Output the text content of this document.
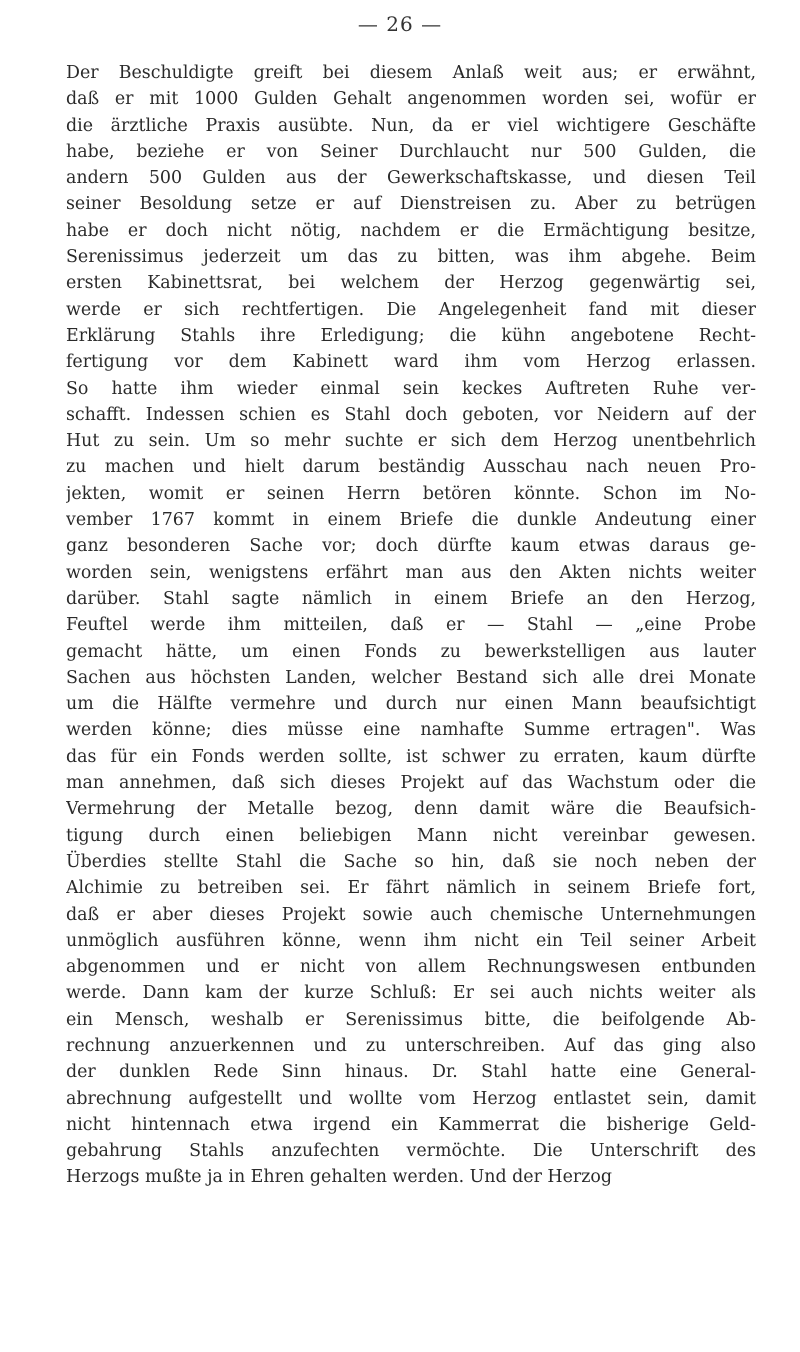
— 26 —
Der Beschuldigte greift bei diesem Anlaß weit aus; er erwähnt,
daß er mit 1000 Gulden Gehalt angenommen worden sei, wofür er
die ärztliche Praxis ausübte. Nun, da er viel wichtigere Geschäfte
habe, beziehe er von Seiner Durchlaucht nur 500 Gulden, die
andern 500 Gulden aus der Gewerkschaftskasse, und diesen Teil
seiner Besoldung setze er auf Dienstreisen zu. Aber zu betrügen
habe er doch nicht nötig, nachdem er die Ermächtigung besitze,
Serenissimus jederzeit um das zu bitten, was ihm abgehe. Beim
ersten Kabinettsrat, bei welchem der Herzog gegenwärtig sei,
werde er sich rechtfertigen. Die Angelegenheit fand mit dieser
Erklärung Stahls ihre Erledigung; die kühn angebotene Recht-
fertigung vor dem Kabinett ward ihm vom Herzog erlassen.
So hatte ihm wieder einmal sein keckes Auftreten Ruhe ver-
schafft. Indessen schien es Stahl doch geboten, vor Neidern auf der
Hut zu sein. Um so mehr suchte er sich dem Herzog unentbehrlich
zu machen und hielt darum beständig Ausschau nach neuen Pro-
jekten, womit er seinen Herrn betören könnte. Schon im No-
vember 1767 kommt in einem Briefe die dunkle Andeutung einer
ganz besonderen Sache vor; doch dürfte kaum etwas daraus ge-
worden sein, wenigstens erfährt man aus den Akten nichts weiter
darüber. Stahl sagte nämlich in einem Briefe an den Herzog,
Feuftel werde ihm mitteilen, daß er — Stahl — „eine Probe
gemacht hätte, um einen Fonds zu bewerkstelligen aus lauter
Sachen aus höchsten Landen, welcher Bestand sich alle drei Monate
um die Hälfte vermehre und durch nur einen Mann beaufsichtigt
werden könne; dies müsse eine namhafte Summe ertragen". Was
das für ein Fonds werden sollte, ist schwer zu erraten, kaum dürfte
man annehmen, daß sich dieses Projekt auf das Wachstum oder die
Vermehrung der Metalle bezog, denn damit wäre die Beaufsich-
tigung durch einen beliebigen Mann nicht vereinbar gewesen.
Überdies stellte Stahl die Sache so hin, daß sie noch neben der
Alchimie zu betreiben sei. Er fährt nämlich in seinem Briefe fort,
daß er aber dieses Projekt sowie auch chemische Unternehmungen
unmöglich ausführen könne, wenn ihm nicht ein Teil seiner Arbeit
abgenommen und er nicht von allem Rechnungswesen entbunden
werde. Dann kam der kurze Schluß: Er sei auch nichts weiter als
ein Mensch, weshalb er Serenissimus bitte, die beifolgende Ab-
rechnung anzuerkennen und zu unterschreiben. Auf das ging also
der dunklen Rede Sinn hinaus. Dr. Stahl hatte eine General-
abrechnung aufgestellt und wollte vom Herzog entlastet sein, damit
nicht hintennach etwa irgend ein Kammerrat die bisherige Geld-
gebahrung Stahls anzufechten vermöchte. Die Unterschrift des
Herzogs mußte ja in Ehren gehalten werden. Und der Herzog
